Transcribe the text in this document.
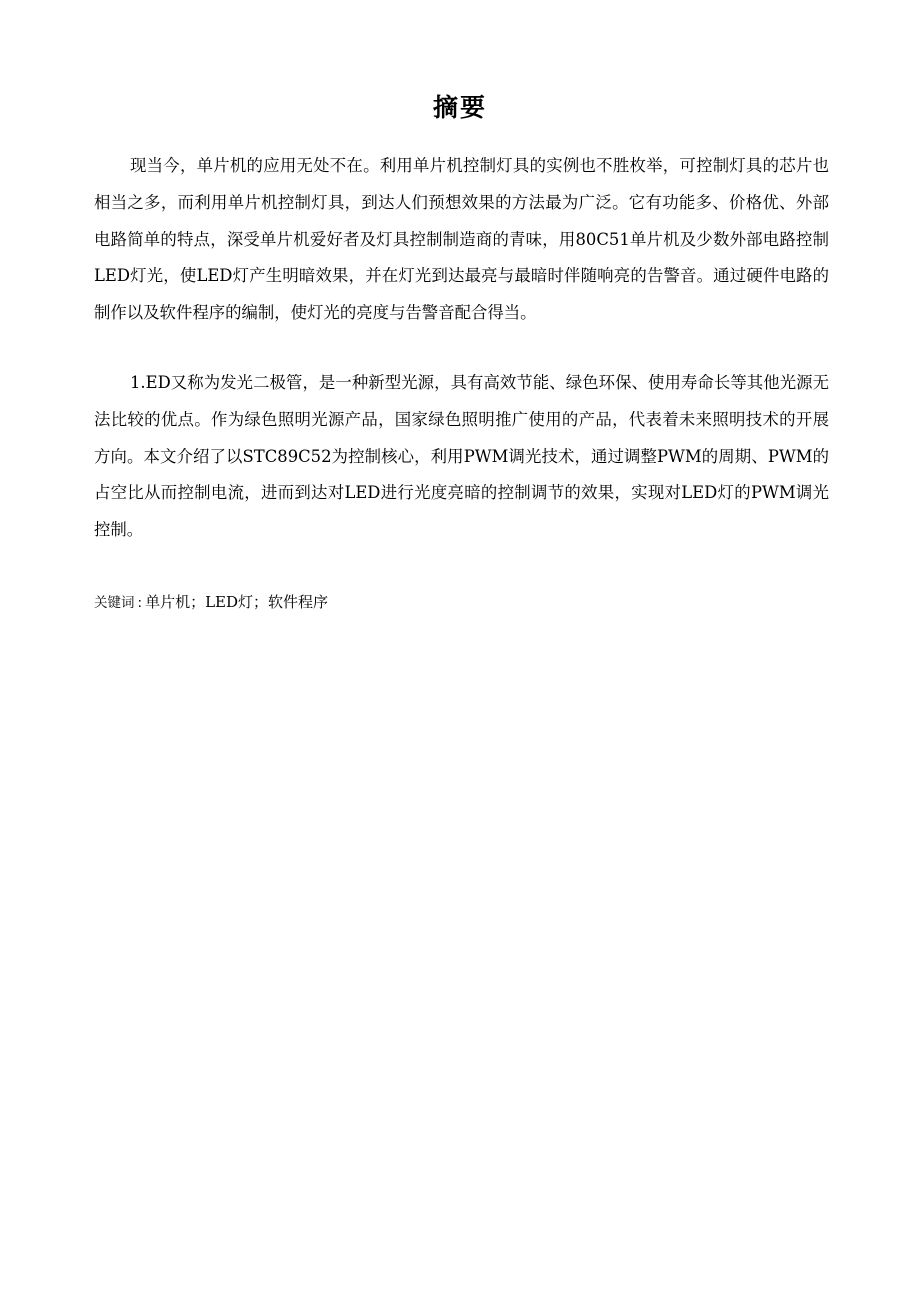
摘要

现当今，单片机的应用无处不在。利用单片机控制灯具的实例也不胜枚举，可控制灯具的芯片也相当之多，而利用单片机控制灯具，到达人们预想效果的方法最为广泛。它有功能多、价格优、外部电路简单的特点，深受单片机爱好者及灯具控制制造商的青味，用80C51单片机及少数外部电路控制LED灯光，使LED灯产生明暗效果，并在灯光到达最亮与最暗时伴随响亮的告警音。通过硬件电路的制作以及软件程序的编制，使灯光的亮度与告警音配合得当。

1.ED又称为发光二极管，是一种新型光源，具有高效节能、绿色环保、使用寿命长等其他光源无法比较的优点。作为绿色照明光源产品，国家绿色照明推广使用的产品，代表着未来照明技术的开展方向。本文介绍了以STC89C52为控制核心，利用PWM调光技术，通过调整PWM的周期、PWM的占空比从而控制电流，进而到达对LED进行光度亮暗的控制调节的效果，实现对LED灯的PWM调光控制。

关键词 : 单片机；LED灯；软件程序
